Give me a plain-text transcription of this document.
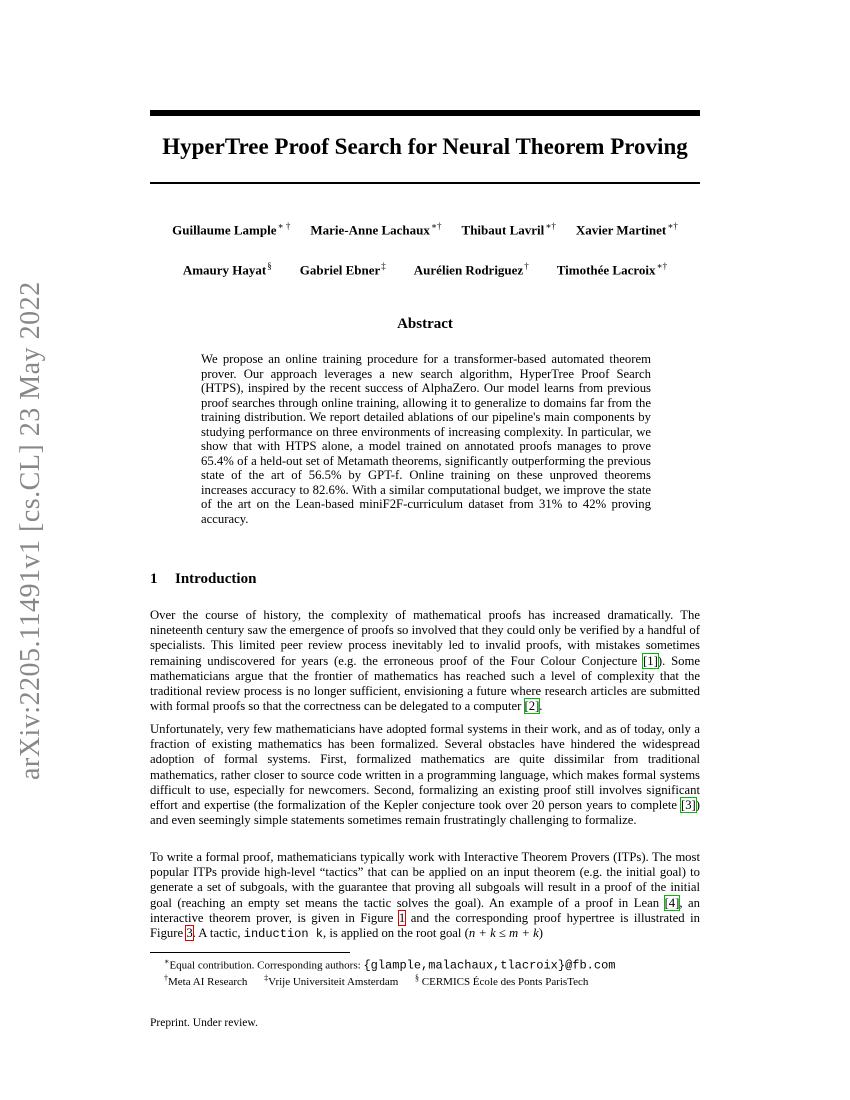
arXiv:2205.11491v1 [cs.CL] 23 May 2022
HyperTree Proof Search for Neural Theorem Proving
Guillaume Lample∗ † Marie-Anne Lachaux∗† Thibaut Lavril∗† Xavier Martinet∗†
Amaury Hayat§ Gabriel Ebner‡ Aurélien Rodriguez† Timothée Lacroix∗†
Abstract

We propose an online training procedure for a transformer-based automated theorem prover. Our approach leverages a new search algorithm, HyperTree Proof Search (HTPS), inspired by the recent success of AlphaZero. Our model learns from previous proof searches through online training, allowing it to generalize to domains far from the training distribution. We report detailed ablations of our pipeline's main components by studying performance on three environments of increasing complexity. In particular, we show that with HTPS alone, a model trained on annotated proofs manages to prove 65.4% of a held-out set of Metamath theorems, significantly outperforming the previous state of the art of 56.5% by GPT-f. Online training on these unproved theorems increases accuracy to 82.6%. With a similar computational budget, we improve the state of the art on the Lean-based miniF2F-curriculum dataset from 31% to 42% proving accuracy.

1 Introduction

Over the course of history, the complexity of mathematical proofs has increased dramatically. The nineteenth century saw the emergence of proofs so involved that they could only be verified by a handful of specialists. This limited peer review process inevitably led to invalid proofs, with mistakes sometimes remaining undiscovered for years (e.g. the erroneous proof of the Four Colour Conjecture [1]). Some mathematicians argue that the frontier of mathematics has reached such a level of complexity that the traditional review process is no longer sufficient, envisioning a future where research articles are submitted with formal proofs so that the correctness can be delegated to a computer [2].

Unfortunately, very few mathematicians have adopted formal systems in their work, and as of today, only a fraction of existing mathematics has been formalized. Several obstacles have hindered the widespread adoption of formal systems. First, formalized mathematics are quite dissimilar from traditional mathematics, rather closer to source code written in a programming language, which makes formal systems difficult to use, especially for newcomers. Second, formalizing an existing proof still involves significant effort and expertise (the formalization of the Kepler conjecture took over 20 person years to complete [3]) and even seemingly simple statements sometimes remain frustratingly challenging to formalize.

To write a formal proof, mathematicians typically work with Interactive Theorem Provers (ITPs). The most popular ITPs provide high-level “tactics” that can be applied on an input theorem (e.g. the initial goal) to generate a set of subgoals, with the guarantee that proving all subgoals will result in a proof of the initial goal (reaching an empty set means the tactic solves the goal). An example of a proof in Lean [4], an interactive theorem prover, is given in Figure 1 and the corresponding proof hypertree is illustrated in Figure 3. A tactic, induction k, is applied on the root goal (n + k ≤ m + k)

∗Equal contribution. Corresponding authors: {glample,malachaux,tlacroix}@fb.com

†Meta AI Research ‡Vrije Universiteit Amsterdam § CERMICS École des Ponts ParisTech

Preprint. Under review.
